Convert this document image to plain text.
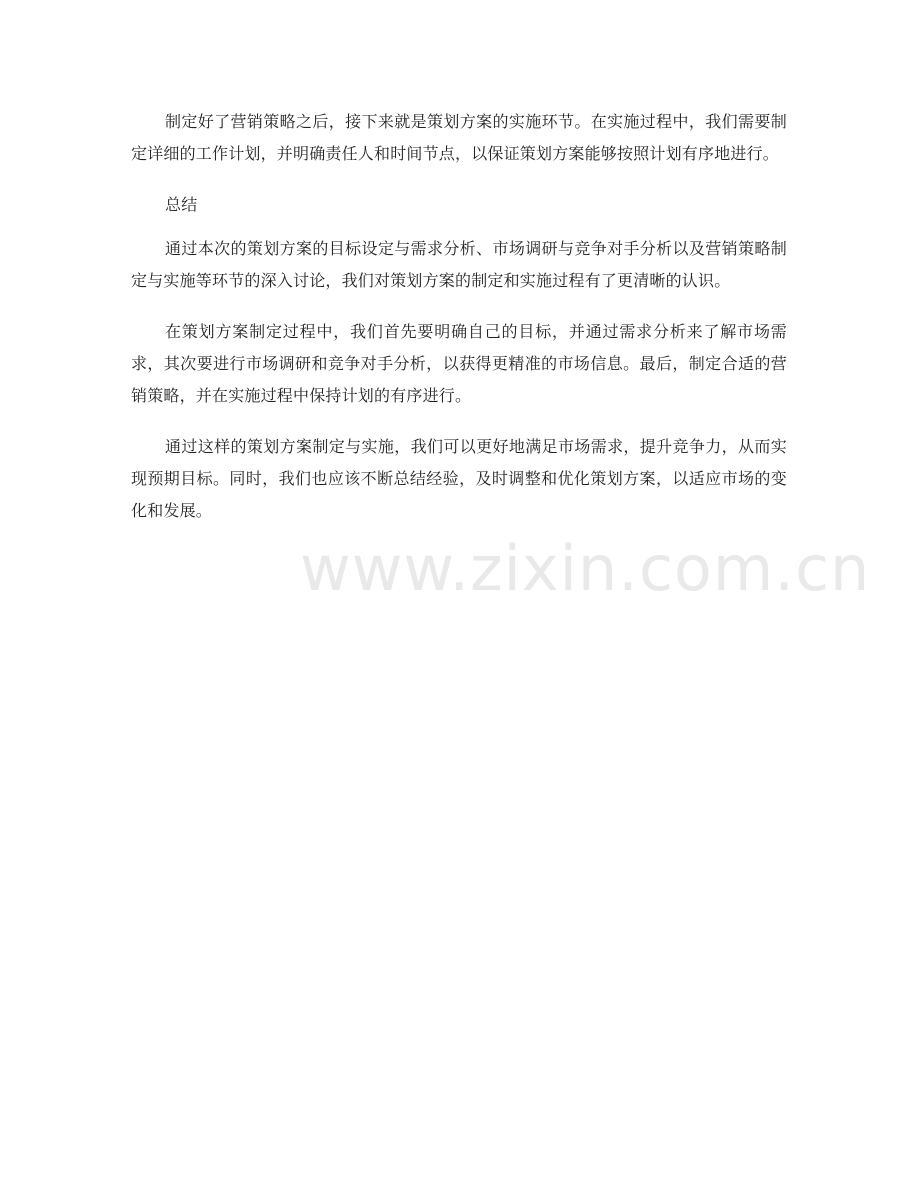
制定好了营销策略之后，接下来就是策划方案的实施环节。在实施过程中，我们需要制定详细的工作计划，并明确责任人和时间节点，以保证策划方案能够按照计划有序地进行。

总结

通过本次的策划方案的目标设定与需求分析、市场调研与竞争对手分析以及营销策略制定与实施等环节的深入讨论，我们对策划方案的制定和实施过程有了更清晰的认识。

在策划方案制定过程中，我们首先要明确自己的目标，并通过需求分析来了解市场需求，其次要进行市场调研和竞争对手分析，以获得更精准的市场信息。最后，制定合适的营销策略，并在实施过程中保持计划的有序进行。

通过这样的策划方案制定与实施，我们可以更好地满足市场需求，提升竞争力，从而实现预期目标。同时，我们也应该不断总结经验，及时调整和优化策划方案，以适应市场的变化和发展。

www.zixin.com.cn
